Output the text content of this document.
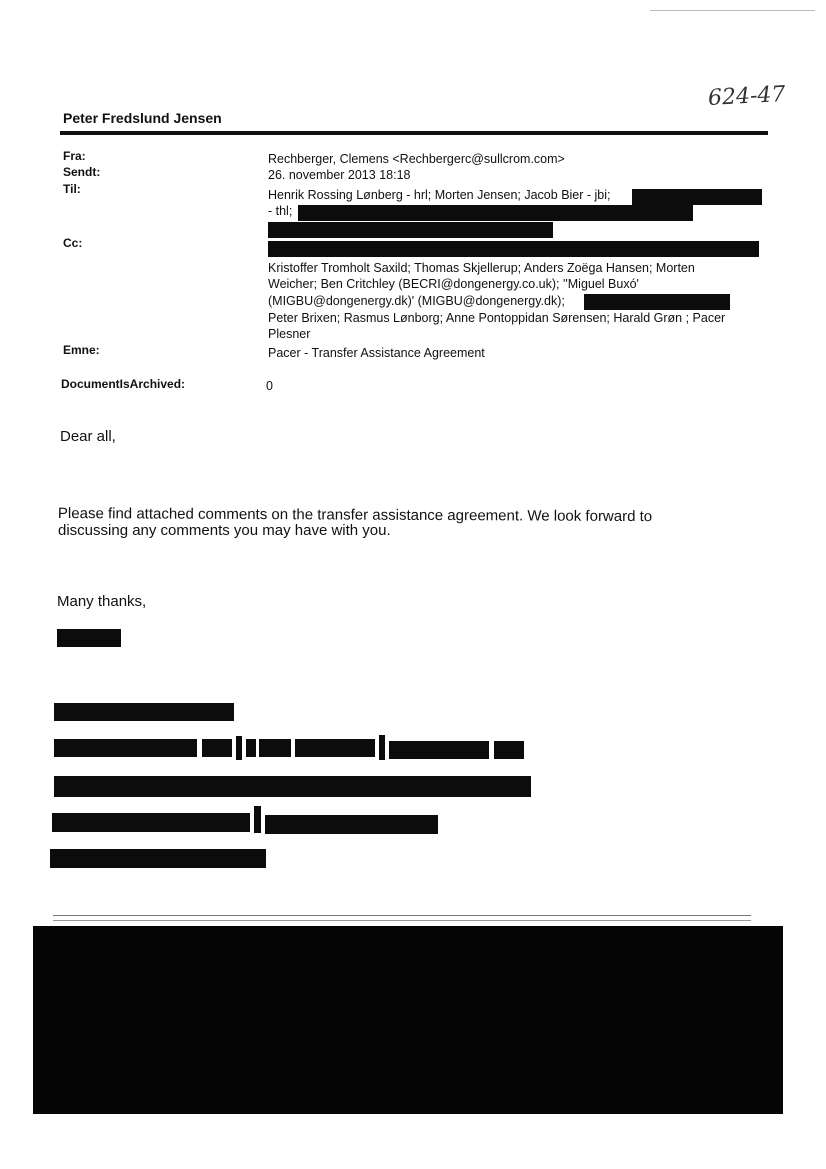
624-47
Peter Fredslund Jensen
Fra:	Rechberger, Clemens <Rechbergerc@sullcrom.com>
Sendt:	26. november 2013 18:18
Til:	Henrik Rossing Lønberg - hrl; Morten Jensen; Jacob Bier - jbi;
- thl;
Cc:
Kristoffer Tromholt Saxild; Thomas Skjellerup; Anders Zoëga Hansen; Morten
Weicher; Ben Critchley (BECRI@dongenergy.co.uk); ''Miguel Buxó'
(MIGBU@dongenergy.dk)' (MIGBU@dongenergy.dk);
Peter Brixen; Rasmus Lønborg; Anne Pontoppidan Sørensen; Harald Grøn ; Pacer
Plesner
Emne:	Pacer - Transfer Assistance Agreement
DocumentIsArchived:	0
Dear all,
Please find attached comments on the transfer assistance agreement. We look forward to
discussing any comments you may have with you.
Many thanks,
